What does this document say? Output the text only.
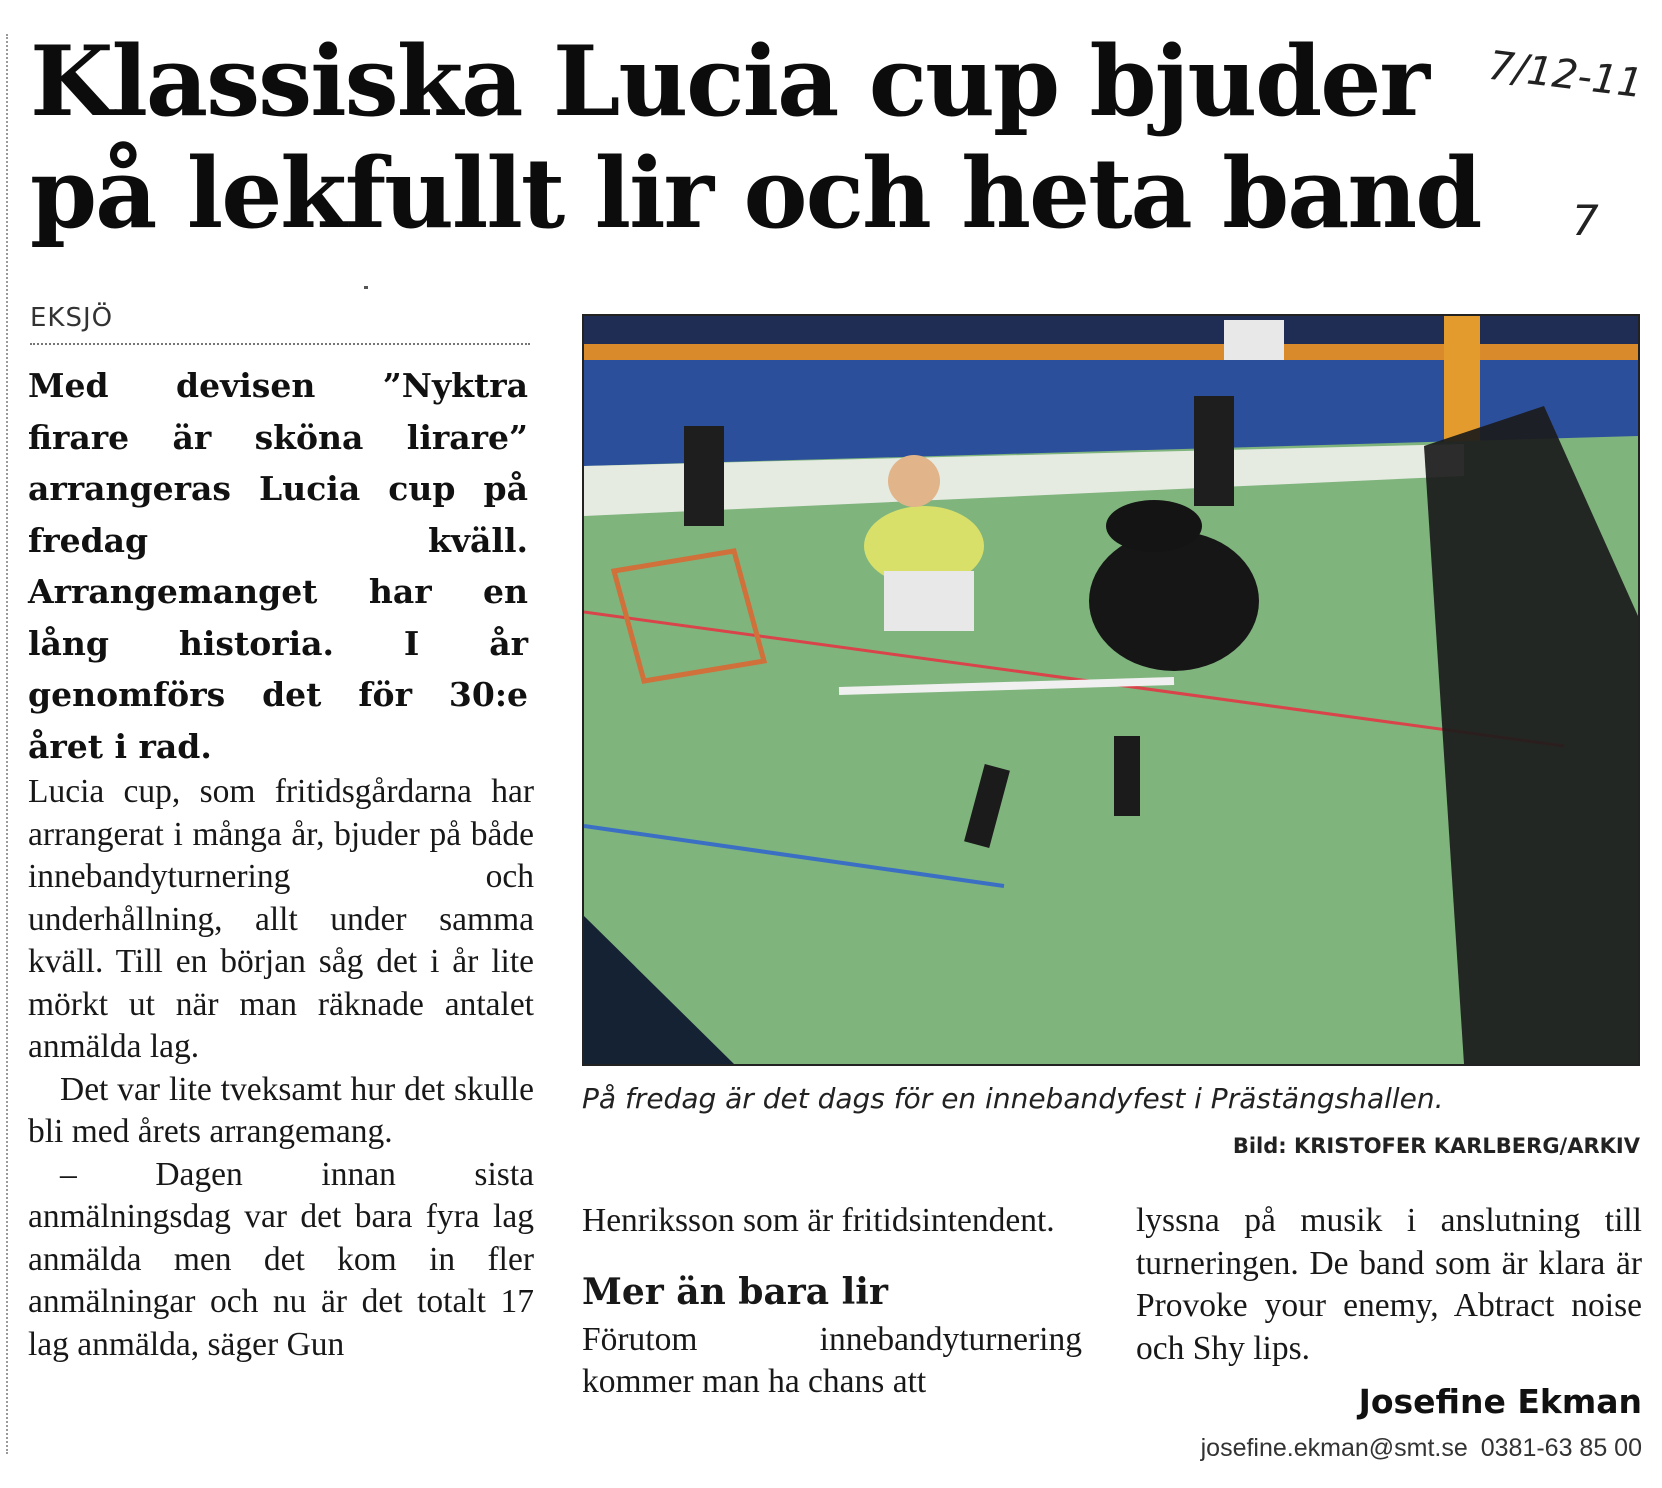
Klassiska Lucia cup bjuder
på lekfullt lir och heta band
7/12-11
7
EKSJÖ

Med devisen ”Nyktra firare är sköna lirare” arrangeras Lucia cup på fredag kväll. Arrangemanget har en lång historia. I år genomförs det för 30:e året i rad.

Lucia cup, som fritidsgårdarna har arrangerat i många år, bjuder på både innebandyturnering och underhållning, allt under samma kväll. Till en början såg det i år lite mörkt ut när man räknade antalet anmälda lag.

Det var lite tveksamt hur det skulle bli med årets arrangemang.

– Dagen innan sista anmälningsdag var det bara fyra lag anmälda men det kom in fler anmälningar och nu är det totalt 17 lag anmälda, säger Gun

Henriksson som är fritidsintendent.

Mer än bara lir

Förutom innebandyturnering kommer man ha chans att

lyssna på musik i anslutning till turneringen. De band som är klara är Provoke your enemy, Abtract noise och Shy lips.

Josefine Ekman
josefine.ekman@smt.se 0381-63 85 00
På fredag är det dags för en innebandyfest i Prästängshallen.
Bild: KRISTOFER KARLBERG/ARKIV
